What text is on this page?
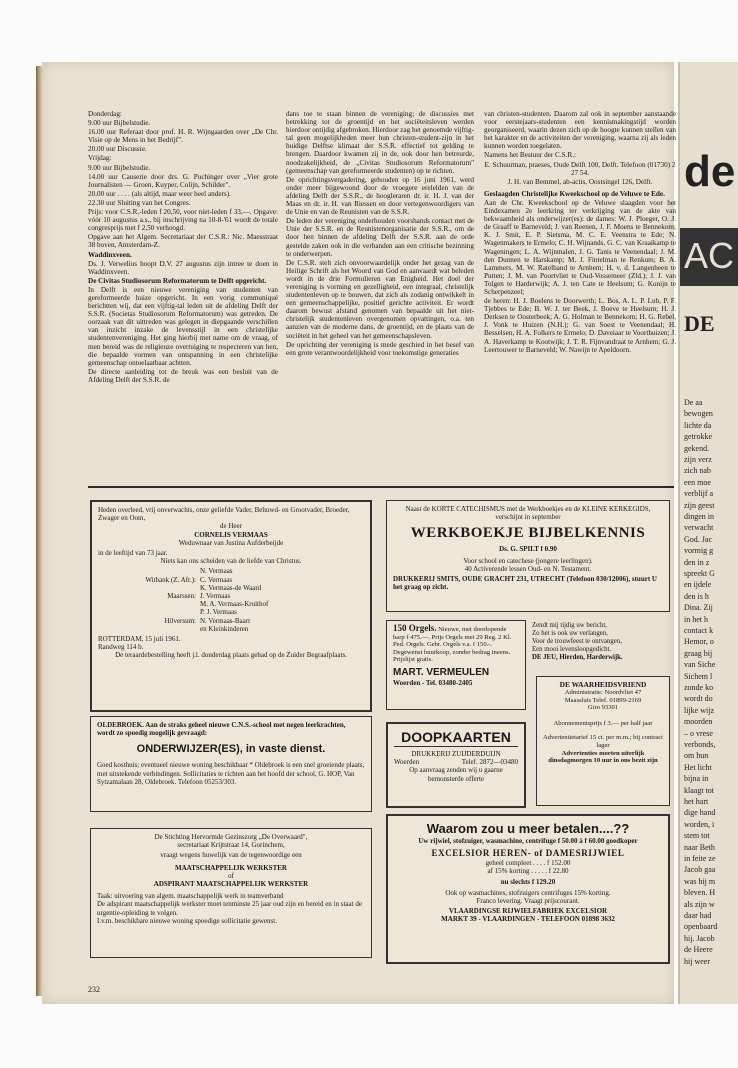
de
AC
DE
De aa
bewogen
lichte da
getrokke
gekend.
zijn verz
zich nab
een moe
verblijf a
zijn geest
dingen in
verwacht
God. Jac
vormig g
den in z
spreekt G
en ijdele
den is h
Dina. Zij
in het h
contact k
Hemor, o
graag bij
van Siche
Sichem l
zonde ko
wordt do
lijke wijz
moorden
– o vrese
verbonds,
om hun
Het licht
bijna in
klaagt tot
het hart
dige hand
worden, i
stem tot
naar Beth
in feite ze
Jacob gaa
was hij m
bleven. H
als zijn w
daar had
openbaard
hij. Jacob
de Heere
hij weer

Donderdag:

9.00 uur Bijbelstudie.

16.00 uur Referaat door prof. H. R. Wijngaarden over „De Chr. Visie op de Mens in het Bedrijf".

20.00 uur Discussie.

Vrijdag:

9.00 uur Bijbelstudie.

14.00 uur Causerie door drs. G. Puchinger over „Vier grote Journalisten — Groen, Kuyper, Colijn, Schilder".

20.00 uur . . . . (als altijd, maar weer heel anders).

22.30 uur Sluiting van het Congres.

Prijs: voor C.S.R.-leden f 20,50, voor niet-leden f 33,—. Opgave: vóór 10 augustus a.s., bij inschrijving na 10-8-'61 wordt de totale congresprijs met f 2,50 verhoogd.

Opgave aan het Algem. Secretariaat der C.S.R.: Nic. Maesstraat 38 boven, Amsterdam-Z.

Waddinxveen.

Ds. J. Verwelius hoopt D.V. 27 augustus zijn intree te doen in Waddinxveen.

De Civitas Studiosorum Reformatorum te Delft opgericht.

In Delft is een nieuwe vereniging van studenten van gereformeerde huize opgericht. In een vorig communiqué berichtten wij, dat een vijftig-tal leden uit de afdeling Delft der S.S.R. (Societas Studiosorum Reformatorum) was getreden. De oorzaak van dit uittreden was gelegen in diepgaande verschillen van inzicht inzake de levensstijl in een christelijke studentenvereniging. Het ging hierbij met name om de vraag, of men bereid was de religieuze overtuiging te respecteren van hen, die bepaalde vormen van ontspanning in een christelijke gemeenschap ontoelaatbaar achtten.

De directe aanleiding tot de breuk was een besluit van de Afdeling Delft der S.S.R. de

dans toe te staan binnen de vereniging; de discussies met betrekking tot de groentijd en het sociëteitsleven werden hierdoor ontijdig afgebroken. Hierdoor zag het genoemde vijftig-tal geen mogelijkheden meer hun christen-student-zijn in het huidige Delftse klimaat der S.S.R. effectief tot gelding te brengen. Daardoor kwamen zij in de, ook door hen betreurde, noodzakelijkheid, de „Civitas Studiosorum Reformatorum" (gemeenschap van gereformeerde studenten) op te richten.

De oprichtingsvergadering, gehouden op 16 juni 1961, werd onder meer bijgewoond door de vroegere erelelden van de afdeling Delft der S.S.R., de hoogleraren dr. ir. H. J. van der Maas en dr. ir. H. van Riessen en door vertegenwoordigers van de Unie en van de Reunisten van de S.S.R.

De leden der vereniging onderhouden voorshands contact met de Unie der S.S.R. en de Reunistenorganisatie der S.S.R., om de door hen binnen de afdeling Delft der S.S.R. aan de orde gestelde zaken ook in die verbanden aan een critische bezinning te onderwerpen.

De C.S.R. stelt zich onvoorwaardelijk onder het gezag van de Heilige Schrift als het Woord van God en aanvaardt wat beleden wordt in de drie Formulieren van Enigheid. Het doel der vereniging is vorming en gezelligheid, een integraal, christelijk studentenleven op te bouwen, dat zich als zodanig ontwikkelt in een gemeenschappelijke, positief gerichte activiteit. Er wordt daarom bewust afstand genomen van bepaalde uit het niet-christelijk studentenleven overgenomen opvattingen, o.a. ten aanzien van de moderne dans, de groentijd, en de plaats van de sociëteit in het geheel van het gemeenschapsleven.

De oprichting der vereniging is mede geschied in het besef van een grote verantwoordelijkheid voor toekomstige generaties

van christen-studenten. Daarom zal ook in september aanstaande voor eerstejaars-studenten een kennismakingstijd worden georganiseerd, waarin dezen zich op de hoogte kunnen stellen van het karakter en de activiteiten der vereniging, waarna zij als leden kunnen worden toegelaten.

Namens het Bestuur der C.S.R.:

E. Schuurman, praeses, Oude Delft 100, Delft. Telefoon (01730) 2 27 54.

J. H. van Bemmel, ab-actis, Oostsingel 126, Delft.

Geslaagden Christelijke Kweekschool op de Veluwe te Ede.

Aan de Chr. Kweekschool op de Veluwe slaagden voor het Eindexamen 2e leerkring ter verkrijging van de akte van bekwaamheid als onderwijzer(es): de dames: W. J. Ploeger, O. J. de Graaff te Barneveld; J. van Reenen, J. F. Moens te Bennekom; K. J. Smit, E. P. Sietsma, M. C. E. Veenstra te Ede; N. Wagenmakers te Ermelo; C. H. Wijnands, G. C. van Kraaikamp te Wageningen; L. A. Wijnmalen, J. G. Tanis te Veenendaal; J. M. den Dunnen te Harskamp; M. J. Fintelman te Renkum; B. A. Lammers, M. W. Ratelband te Arnhem; H. v. d. Langenheen te Putten; J. M. van Poortvliet te Oud-Vossemeer (Zld.); J. J. van Tolgen te Harderwijk; A. J. ten Cate te Heelsum; G. Konijn te Scherpenzeel;

de heren: H. J. Boelens te Doorwerth; L. Bos, A. L. P. Lub, P. F. Tjebbes te Ede; B. W. J. ter Beek, J. Boeve te Heelsum; H. J. Derksen te Oosterbeek; A. G. Holman te Bennekom; H. G. Rebel, J. Vonk te Huizen (N.H.); G. van Soest te Veenendaal; H. Besselsen, H. A. Folkers te Ermelo; D. Daveiaar te Voorthuizen; J. A. Haverkamp te Kootwijk; J. T. R. Fijnvandraat te Arnhem; G. J. Leertouwer te Barneveld; W. Nawijn te Apeldoorn.

Heden overleed, vrij onverwachts, onze geliefde Vader, Behuwd- en Grootvader, Broeder, Zwager en Oom,
de Heer
CORNELIS VERMAAS
Weduwnaar van Justina Aufderbeijde
in de leeftijd van 73 jaar.
Niets kan ons scheiden van de liefde van Christus.
N. Vermaas
Witbank (Z. Afr.): C. Vermaas
K. Vermaas-de Waard
Maarssen: J. Vermaas
M. A. Vermaas-Kruithof
P. J. Vermaas
Hilversum: N. Vermaas-Baart
en Kleinkinderen
ROTTERDAM, 15 juli 1961.
Randweg 114 b.
De teraardebestelling heeft j.l. donderdag plaats gehad op de Zuider Begraafplaats.
Naast de KORTE CATECHISMUS met de Werkboekjes en de KLEINE KERKEGIDS, verschijnt in september
WERKBOEKJE BIJBELKENNIS
Ds. G. SPILT f 0.90
Voor school en catechese (jongere leerlingen).
40 Activerende lessen Oud- en N. Testament.
DRUKKERIJ SMITS, OUDE GRACHT 231, UTRECHT (Telefoon 030/12006), stuurt U het graag op zicht.
150 Orgels. Nieuwe, met doorlopende harp f 475.—. Prijs Orgels met 29 Reg. 2 Kl. Ped. Orgels. Gebr. Orgels v.a. f 150.-. Degewenst huurkoop, zonder bedrag ineens. Prijslijst gratis.
MART. VERMEULEN
Woerden - Tel. 03480-2405
Zendt mij tijdig uw bericht,
Zo het is ook uw verlangen,
Voor de trouwfeest te ontvangen,
Een mooi levensloopgedicht.
DE JEU, Hierden, Harderwijk.
DE WAARHEIDSVRIEND
Administratie: Noordvliet 47
Maassluis Telef. 01899-2169
Giro 93301
Abonnementsprijs f 3.— per half jaar
Advertentietarief 15 ct. per m.m.; bij contract lager
Advertenties moeten uiterlijk dinsdagmorgen 10 uur in ons bezit zijn
OLDEBROEK. Aan de straks geheel nieuwe C.N.S.-school met negen leerkrachten, wordt zo spoedig mogelijk gevraagd:
ONDERWIJZER(ES), in vaste dienst.
Goed kosthuis; eventueel nieuwe woning beschikbaar * Oldebroek is een snel groeiende plaats, met uitstekende verbindingen. Sollicitaties te richten aan het hoofd der school, G. HOP, Van Sytzamalaan 28, Oldebroek. Telefoon 05253/303.
DOOPKAARTEN
DRUKKERIJ ZUIJDERDUIJN
Woerden	Telef. 2872—03480
Op aanvraag zenden wij u gaarne bemonsterde offerte
De Stichting Hervormde Gezinszorg „De Overwaard",
secretariaat Krijtstraat 14, Gorinchem,
vraagt wegens huwelijk van de tegenwoordige een
MAATSCHAPPELIJK WERKSTER
of
ADSPIRANT MAATSCHAPPELIJK WERKSTER
Taak: uitvoering van algem. maatschappelijk werk in teamverband
De adspirant maatschappelijk werkster moet tenminste 25 jaar oud zijn en bereid en in staat de urgentie-opleiding te volgen.
I.v.m. beschikbare nieuwe woning spoedige sollicitatie gewenst.
Waarom zou u meer betalen....??
Uw rijwiel, stofzuiger, wasmachine, centrifuge f 50.00 à f 60.00 goedkoper
EXCELSIOR HEREN- of DAMESRIJWIEL
geheel compleet . . . . f 152.00
af 15% korting . . . . . f 22.80
nu slechts f 129.20
Ook op wasmachines, stofzuigers centrifuges 15% korting.
Franco levering. Vraagt prijscourant.
VLAARDINGSE RIJWIELFABRIEK EXCELSIOR
MARKT 39 - VLAARDINGEN - TELEFOON 01898 3632
232
